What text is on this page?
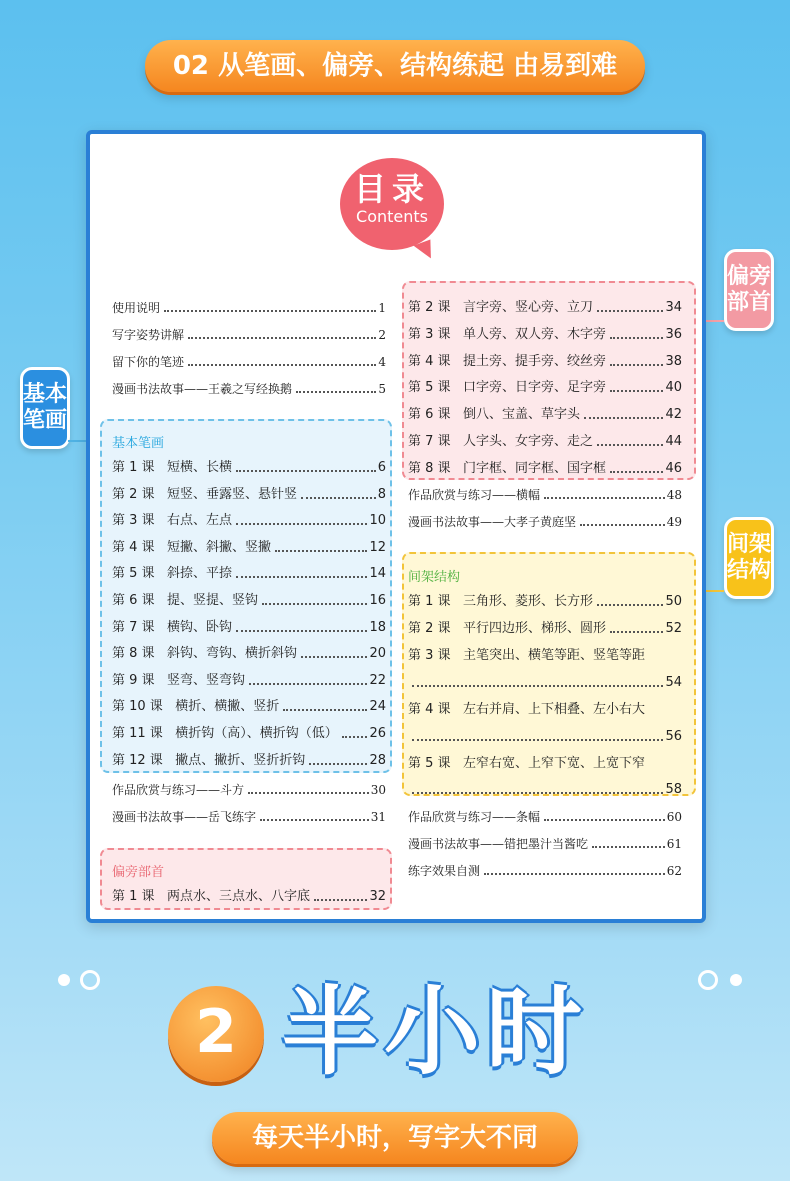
02 从笔画、偏旁、结构练起 由易到难
基本笔画
偏旁部首
间架结构
目录
Contents
使用说明	1
写字姿势讲解	2
留下你的笔迹	4
漫画书法故事——王羲之写经换鹅	5
基本笔画
第 1 课 短横、长横	6
第 2 课 短竖、垂露竖、悬针竖	8
第 3 课 右点、左点	10
第 4 课 短撇、斜撇、竖撇	12
第 5 课 斜捺、平捺	14
第 6 课 提、竖提、竖钩	16
第 7 课 横钩、卧钩	18
第 8 课 斜钩、弯钩、横折斜钩	20
第 9 课 竖弯、竖弯钩	22
第 10 课 横折、横撇、竖折	24
第 11 课 横折钩（高）、横折钩（低） 26
第 12 课 撇点、撇折、竖折折钩	28
作品欣赏与练习——斗方	30
漫画书法故事——岳飞练字	31
偏旁部首
第 1 课 两点水、三点水、八字底	32
第 2 课 言字旁、竖心旁、立刀	34
第 3 课 单人旁、双人旁、木字旁	36
第 4 课 提土旁、提手旁、绞丝旁	38
第 5 课 口字旁、日字旁、足字旁	40
第 6 课 倒八、宝盖、草字头	42
第 7 课 人字头、女字旁、走之	44
第 8 课 门字框、同字框、国字框	46
作品欣赏与练习——横幅	48
漫画书法故事——大孝子黄庭坚	49
间架结构
第 1 课 三角形、菱形、长方形	50
第 2 课 平行四边形、梯形、圆形	52
第 3 课 主笔突出、横笔等距、竖笔等距
54
第 4 课 左右并肩、上下相叠、左小右大
56
第 5 课 左窄右宽、上窄下宽、上宽下窄
58
作品欣赏与练习——条幅	60
漫画书法故事——错把墨汁当酱吃	61
练字效果自测	62
2 半小时
每天半小时，写字大不同
